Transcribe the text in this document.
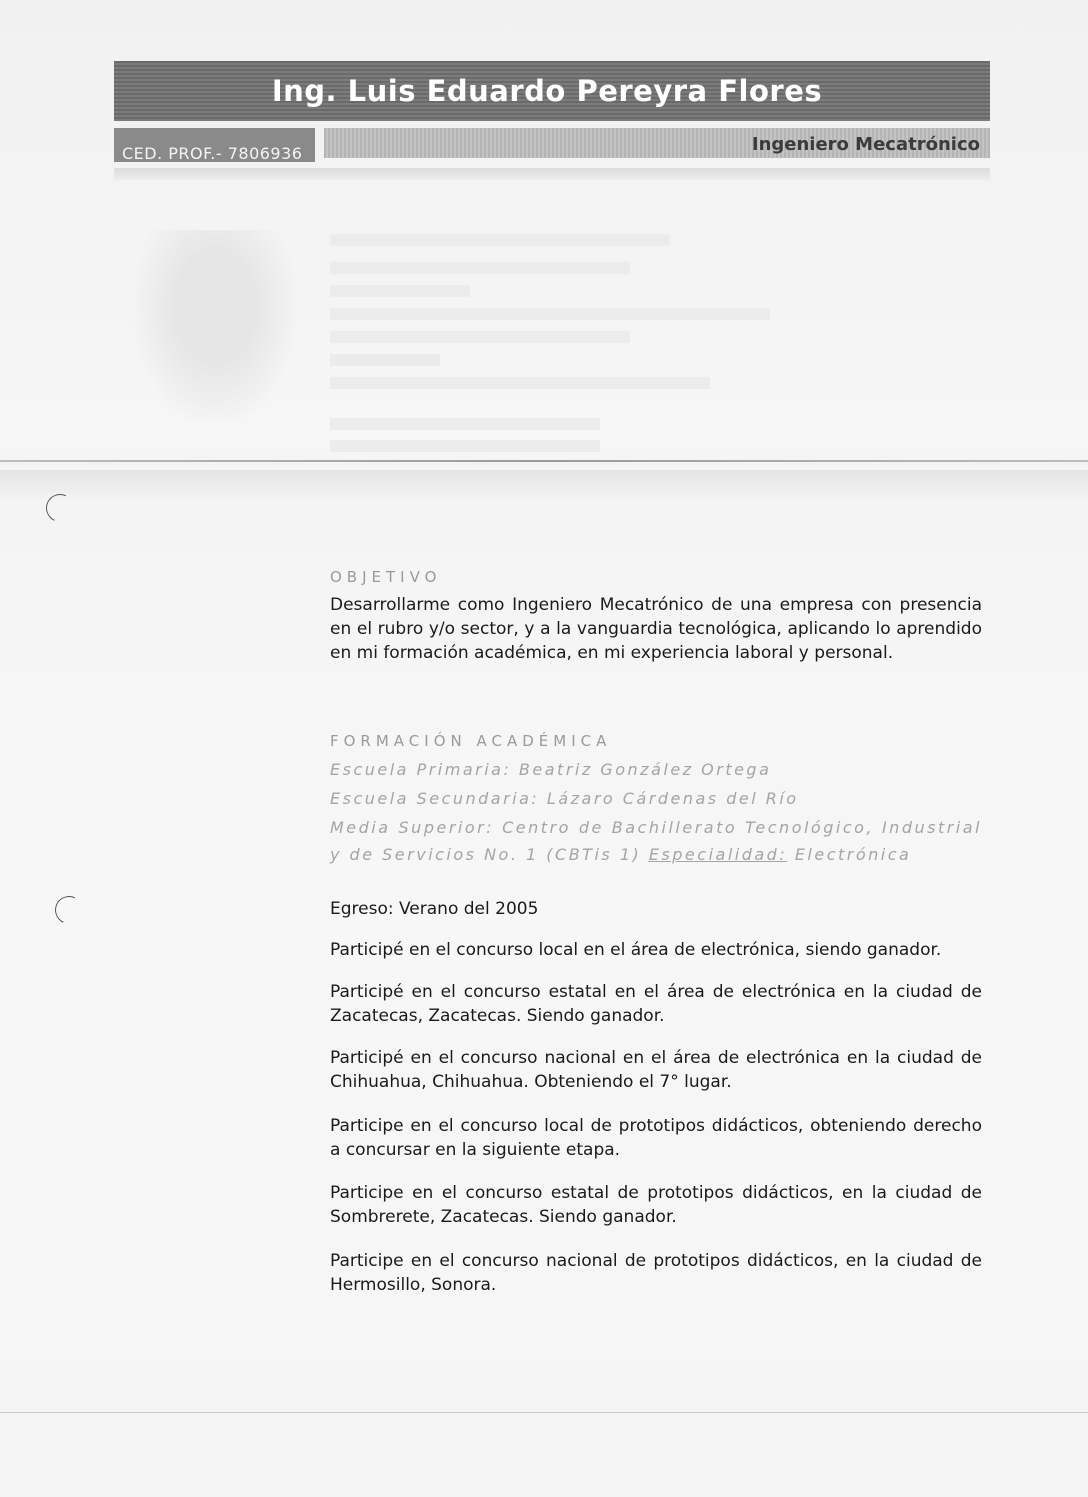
Ing. Luis Eduardo Pereyra Flores
CED. PROF.- 7806936	Ingeniero Mecatrónico
OBJETIVO

Desarrollarme como Ingeniero Mecatrónico de una empresa con presencia en el rubro y/o sector, y a la vanguardia tecnológica, aplicando lo aprendido en mi formación académica, en mi experiencia laboral y personal.

FORMACIÓN ACADÉMICA
Escuela Primaria: Beatriz González Ortega
Escuela Secundaria: Lázaro Cárdenas del Río
Media Superior: Centro de Bachillerato Tecnológico, Industrial y de Servicios No. 1 (CBTis 1) Especialidad: Electrónica

Egreso: Verano del 2005

Participé en el concurso local en el área de electrónica, siendo ganador.

Participé en el concurso estatal en el área de electrónica en la ciudad de Zacatecas, Zacatecas. Siendo ganador.

Participé en el concurso nacional en el área de electrónica en la ciudad de Chihuahua, Chihuahua. Obteniendo el 7° lugar.

Participe en el concurso local de prototipos didácticos, obteniendo derecho a concursar en la siguiente etapa.

Participe en el concurso estatal de prototipos didácticos, en la ciudad de Sombrerete, Zacatecas. Siendo ganador.

Participe en el concurso nacional de prototipos didácticos, en la ciudad de Hermosillo, Sonora.
